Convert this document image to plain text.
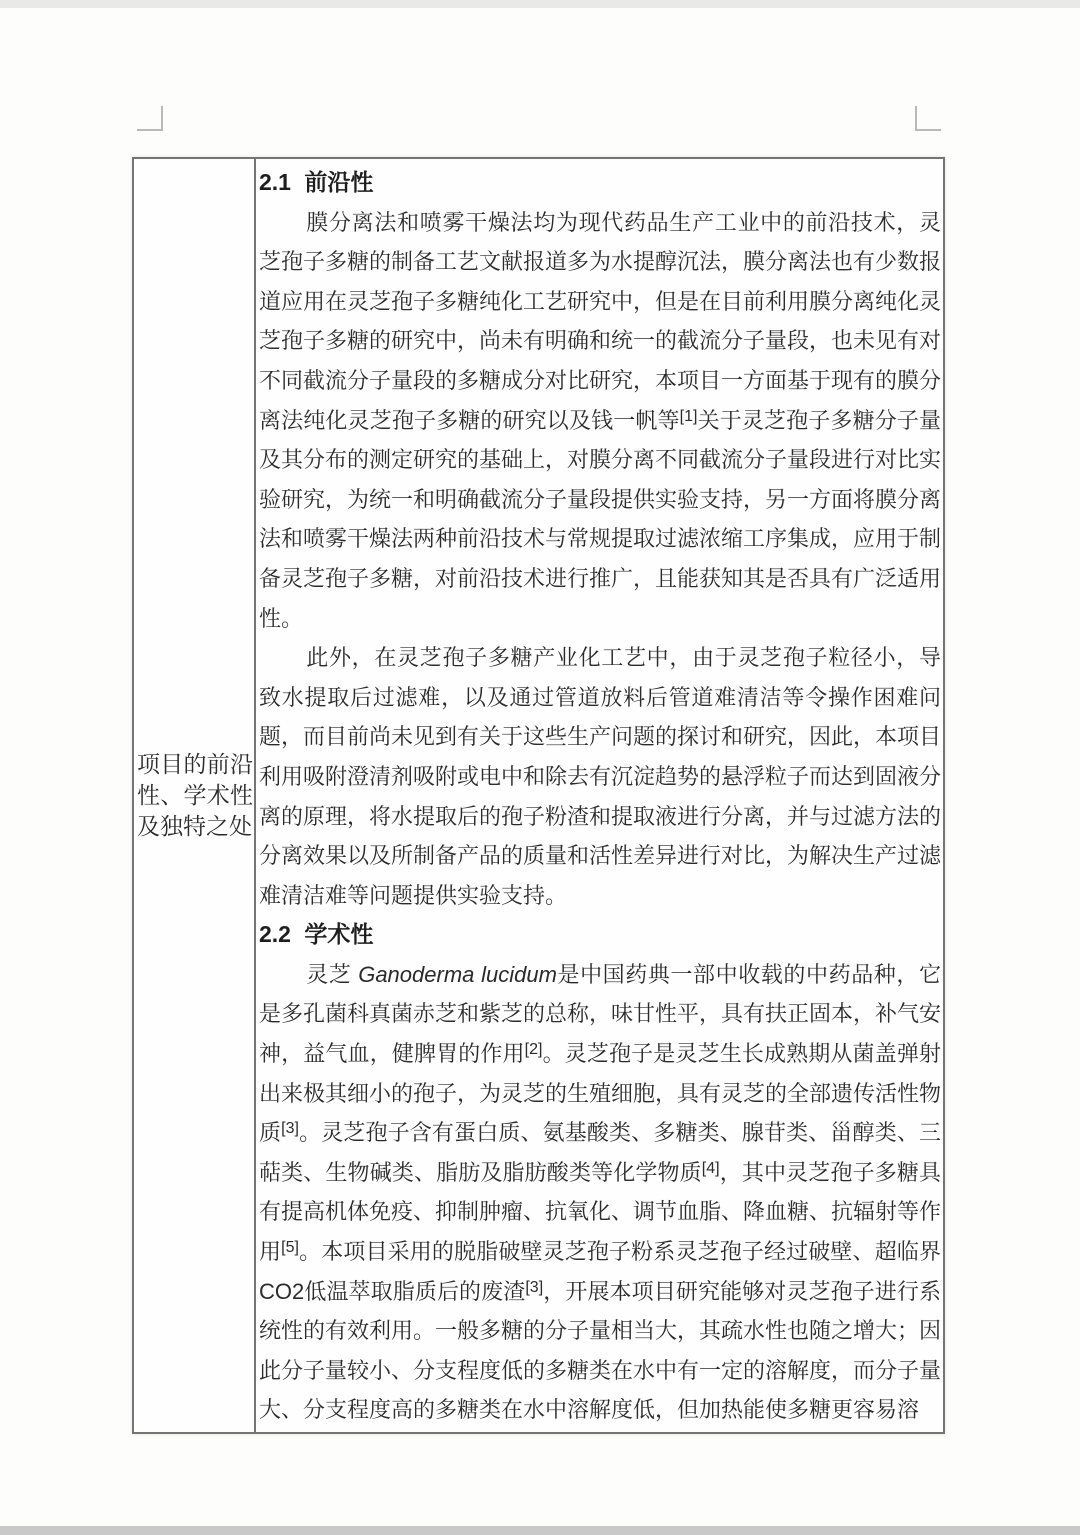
项目的前沿性、学术性及独特之处
2.1 前沿性

膜分离法和喷雾干燥法均为现代药品生产工业中的前沿技术，灵芝孢子多糖的制备工艺文献报道多为水提醇沉法，膜分离法也有少数报道应用在灵芝孢子多糖纯化工艺研究中，但是在目前利用膜分离纯化灵芝孢子多糖的研究中，尚未有明确和统一的截流分子量段，也未见有对不同截流分子量段的多糖成分对比研究，本项目一方面基于现有的膜分离法纯化灵芝孢子多糖的研究以及钱一帆等[1]关于灵芝孢子多糖分子量及其分布的测定研究的基础上，对膜分离不同截流分子量段进行对比实验研究，为统一和明确截流分子量段提供实验支持，另一方面将膜分离法和喷雾干燥法两种前沿技术与常规提取过滤浓缩工序集成，应用于制备灵芝孢子多糖，对前沿技术进行推广，且能获知其是否具有广泛适用性。

此外，在灵芝孢子多糖产业化工艺中，由于灵芝孢子粒径小，导致水提取后过滤难，以及通过管道放料后管道难清洁等令操作困难问题，而目前尚未见到有关于这些生产问题的探讨和研究，因此，本项目利用吸附澄清剂吸附或电中和除去有沉淀趋势的悬浮粒子而达到固液分离的原理，将水提取后的孢子粉渣和提取液进行分离，并与过滤方法的分离效果以及所制备产品的质量和活性差异进行对比，为解决生产过滤难清洁难等问题提供实验支持。

2.2 学术性

灵芝 Ganoderma lucidum是中国药典一部中收载的中药品种，它是多孔菌科真菌赤芝和紫芝的总称，味甘性平，具有扶正固本，补气安神，益气血，健脾胃的作用[2]。灵芝孢子是灵芝生长成熟期从菌盖弹射出来极其细小的孢子，为灵芝的生殖细胞，具有灵芝的全部遗传活性物质[3]。灵芝孢子含有蛋白质、氨基酸类、多糖类、腺苷类、甾醇类、三萜类、生物碱类、脂肪及脂肪酸类等化学物质[4]，其中灵芝孢子多糖具有提高机体免疫、抑制肿瘤、抗氧化、调节血脂、降血糖、抗辐射等作用[5]。本项目采用的脱脂破壁灵芝孢子粉系灵芝孢子经过破壁、超临界CO2低温萃取脂质后的废渣[3]，开展本项目研究能够对灵芝孢子进行系统性的有效利用。一般多糖的分子量相当大，其疏水性也随之增大；因此分子量较小、分支程度低的多糖类在水中有一定的溶解度，而分子量大、分支程度高的多糖类在水中溶解度低，但加热能使多糖更容易溶
